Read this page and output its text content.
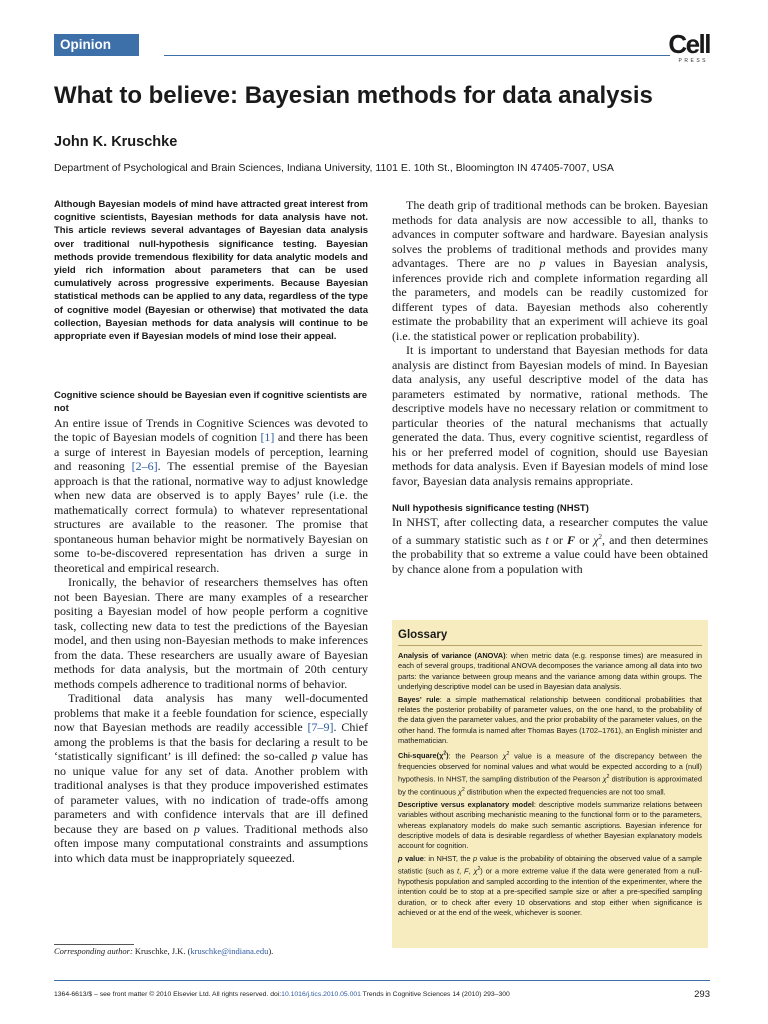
Opinion	Cell
PRESS
What to believe: Bayesian methods for data analysis
John K. Kruschke
Department of Psychological and Brain Sciences, Indiana University, 1101 E. 10th St., Bloomington IN 47405-7007, USA

Although Bayesian models of mind have attracted great interest from cognitive scientists, Bayesian methods for data analysis have not. This article reviews several advantages of Bayesian data analysis over traditional null-hypothesis significance testing. Bayesian methods provide tremendous flexibility for data analytic models and yield rich information about parameters that can be used cumulatively across progressive experiments. Because Bayesian statistical methods can be applied to any data, regardless of the type of cognitive model (Bayesian or otherwise) that motivated the data collection, Bayesian methods for data analysis will continue to be appropriate even if Bayesian models of mind lose their appeal.

Cognitive science should be Bayesian even if cognitive scientists are not

An entire issue of Trends in Cognitive Sciences was devoted to the topic of Bayesian models of cognition [1] and there has been a surge of interest in Bayesian models of perception, learning and reasoning [2–6]. The essential premise of the Bayesian approach is that the rational, normative way to adjust knowledge when new data are observed is to apply Bayes’ rule (i.e. the mathematically correct formula) to whatever representational structures are available to the reasoner. The promise that spontaneous human behavior might be normatively Bayesian on some to-be-discovered representation has driven a surge in theoretical and empirical research.

Ironically, the behavior of researchers themselves has often not been Bayesian. There are many examples of a researcher positing a Bayesian model of how people perform a cognitive task, collecting new data to test the predictions of the Bayesian model, and then using non-Bayesian methods to make inferences from the data. These researchers are usually aware of Bayesian methods for data analysis, but the mortmain of 20th century methods compels adherence to traditional norms of behavior.

Traditional data analysis has many well-documented problems that make it a feeble foundation for science, especially now that Bayesian methods are readily accessible [7–9]. Chief among the problems is that the basis for declaring a result to be ‘statistically significant’ is ill defined: the so-called p value has no unique value for any set of data. Another problem with traditional analyses is that they produce impoverished estimates of parameter values, with no indication of trade-offs among parameters and with confidence intervals that are ill defined because they are based on p values. Traditional methods also often impose many computational constraints and assumptions into which data must be inappropriately squeezed.

The death grip of traditional methods can be broken. Bayesian methods for data analysis are now accessible to all, thanks to advances in computer software and hardware. Bayesian analysis solves the problems of traditional methods and provides many advantages. There are no p values in Bayesian analysis, inferences provide rich and complete information regarding all the parameters, and models can be readily customized for different types of data. Bayesian methods also coherently estimate the probability that an experiment will achieve its goal (i.e. the statistical power or replication probability).

It is important to understand that Bayesian methods for data analysis are distinct from Bayesian models of mind. In Bayesian data analysis, any useful descriptive model of the data has parameters estimated by normative, rational methods. The descriptive models have no necessary relation or commitment to particular theories of the natural mechanisms that actually generated the data. Thus, every cognitive scientist, regardless of his or her preferred model of cognition, should use Bayesian methods for data analysis. Even if Bayesian models of mind lose favor, Bayesian data analysis remains appropriate.

Null hypothesis significance testing (NHST)

In NHST, after collecting data, a researcher computes the value of a summary statistic such as t or F or $\chi^2$, and then determines the probability that so extreme a value could have been obtained by chance alone from a population with

Glossary

Analysis of variance (ANOVA): when metric data (e.g. response times) are measured in each of several groups, traditional ANOVA decomposes the variance among all data into two parts: the variance between group means and the variance among data within groups. The underlying descriptive model can be used in Bayesian data analysis.

Bayes’ rule: a simple mathematical relationship between conditional probabilities that relates the posterior probability of parameter values, on the one hand, to the probability of the data given the parameter values, and the prior probability of the parameter values, on the other hand. The formula is named after Thomas Bayes (1702–1761), an English minister and mathematician.

Chi-$square(\chi^2)$: the Pearson $\chi^2$ value is a measure of the discrepancy between the frequencies observed for nominal values and what would be expected according to a (null) hypothesis. In NHST, the sampling distribution of the Pearson $\chi^2$ distribution is approximated by the continuous $\chi^2$ distribution when the expected frequencies are not too small.

Descriptive versus explanatory model: descriptive models summarize relations between variables without ascribing mechanistic meaning to the functional form or to the parameters, whereas explanatory models do make such semantic ascriptions. Bayesian inference for descriptive models of data is desirable regardless of whether Bayesian explanatory models account for cognition.

p value: in NHST, the p value is the probability of obtaining the observed value of a sample statistic (such as t, F, $\chi^2$) or a more extreme value if the data were generated from a null-hypothesis population and sampled according to the intention of the experimenter, where the intention could be to stop at a pre-specified sample size or after a pre-specified sampling duration, or to check after every 10 observations and stop either when significance is achieved or at the end of the week, whichever is sooner.

Corresponding author: Kruschke, J.K. (kruschke@indiana.edu).
1364-6613/$ – see front matter © 2010 Elsevier Ltd. All rights reserved. doi:10.1016/j.tics.2010.05.001 Trends in Cognitive Sciences 14 (2010) 293–300	293
